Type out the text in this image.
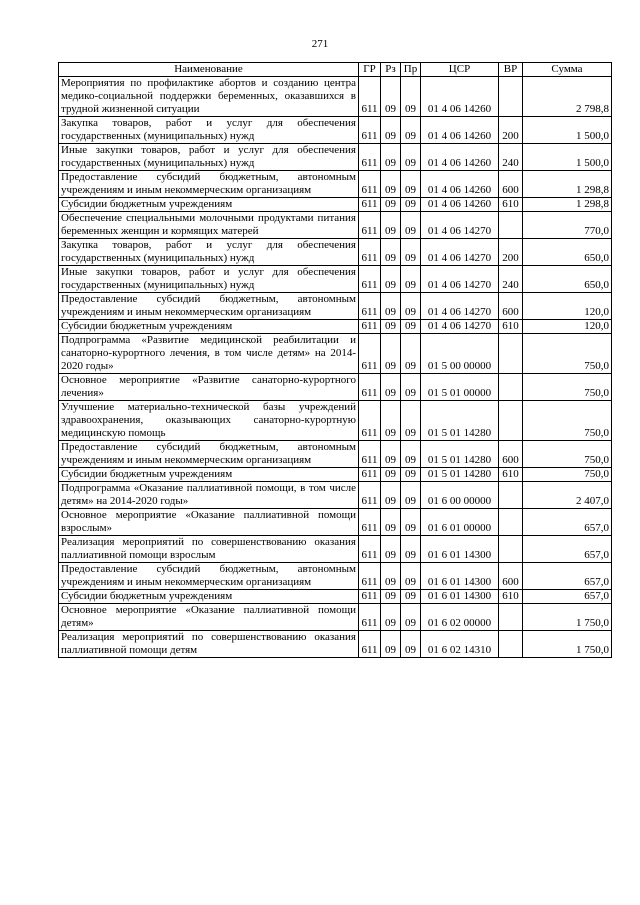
271
Наименование	ГР	Рз	Пр	ЦСР	ВР	Сумма
Мероприятия по профилактике абортов и созданию центра медико-социальной поддержки беременных, оказавшихся в трудной жизненной ситуации	611	09	09	01 4 06 14260		2 798,8
Закупка товаров, работ и услуг для обеспечения государственных (муниципальных) нужд	611	09	09	01 4 06 14260	200	1 500,0
Иные закупки товаров, работ и услуг для обеспечения государственных (муниципальных) нужд	611	09	09	01 4 06 14260	240	1 500,0
Предоставление субсидий бюджетным, автономным учреждениям и иным некоммерческим организациям	611	09	09	01 4 06 14260	600	1 298,8
Субсидии бюджетным учреждениям	611	09	09	01 4 06 14260	610	1 298,8
Обеспечение специальными молочными продуктами питания беременных женщин и кормящих матерей	611	09	09	01 4 06 14270		770,0
Закупка товаров, работ и услуг для обеспечения государственных (муниципальных) нужд	611	09	09	01 4 06 14270	200	650,0
Иные закупки товаров, работ и услуг для обеспечения государственных (муниципальных) нужд	611	09	09	01 4 06 14270	240	650,0
Предоставление субсидий бюджетным, автономным учреждениям и иным некоммерческим организациям	611	09	09	01 4 06 14270	600	120,0
Субсидии бюджетным учреждениям	611	09	09	01 4 06 14270	610	120,0
Подпрограмма «Развитие медицинской реабилитации и санаторно-курортного лечения, в том числе детям» на 2014-2020 годы»	611	09	09	01 5 00 00000		750,0
Основное мероприятие «Развитие санаторно-курортного лечения»	611	09	09	01 5 01 00000		750,0
Улучшение материально-технической базы учреждений здравоохранения, оказывающих санаторно-курортную медицинскую помощь	611	09	09	01 5 01 14280		750,0
Предоставление субсидий бюджетным, автономным учреждениям и иным некоммерческим организациям	611	09	09	01 5 01 14280	600	750,0
Субсидии бюджетным учреждениям	611	09	09	01 5 01 14280	610	750,0
Подпрограмма «Оказание паллиативной помощи, в том числе детям» на 2014-2020 годы»	611	09	09	01 6 00 00000		2 407,0
Основное мероприятие «Оказание паллиативной помощи взрослым»	611	09	09	01 6 01 00000		657,0
Реализация мероприятий по совершенствованию оказания паллиативной помощи взрослым	611	09	09	01 6 01 14300		657,0
Предоставление субсидий бюджетным, автономным учреждениям и иным некоммерческим организациям	611	09	09	01 6 01 14300	600	657,0
Субсидии бюджетным учреждениям	611	09	09	01 6 01 14300	610	657,0
Основное мероприятие «Оказание паллиативной помощи детям»	611	09	09	01 6 02 00000		1 750,0
Реализация мероприятий по совершенствованию оказания паллиативной помощи детям	611	09	09	01 6 02 14310		1 750,0
